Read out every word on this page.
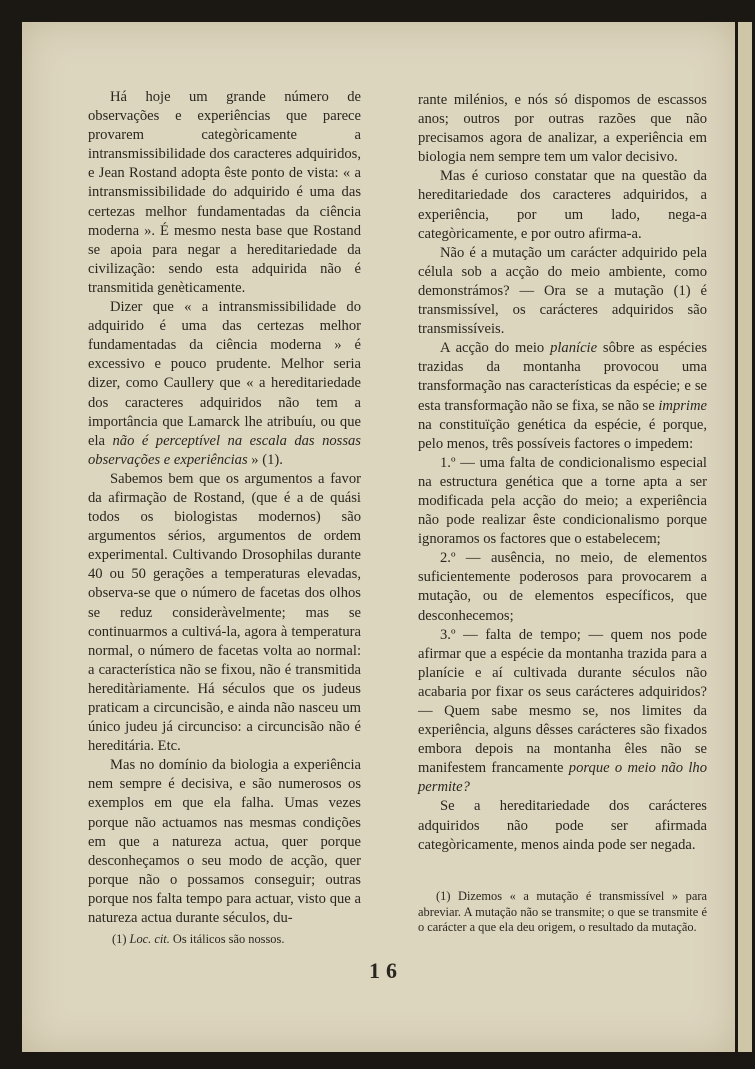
Há hoje um grande número de observações e experiências que parece provarem categòricamente a intransmissibilidade dos caracteres adquiridos, e Jean Rostand adopta êste ponto de vista: « a intransmissibilidade do adquirido é uma das certezas melhor fundamentadas da ciência moderna ». É mesmo nesta base que Rostand se apoia para negar a hereditariedade da civilização: sendo esta adquirida não é transmitida genèticamente.

Dizer que « a intransmissibilidade do adquirido é uma das certezas melhor fundamentadas da ciência moderna » é excessivo e pouco prudente. Melhor seria dizer, como Caullery que « a hereditariedade dos caracteres adquiridos não tem a importância que Lamarck lhe atribuíu, ou que ela não é perceptível na escala das nossas observações e experiências » (1).

Sabemos bem que os argumentos a favor da afirmação de Rostand, (que é a de quási todos os biologistas modernos) são argumentos sérios, argumentos de ordem experimental. Cultivando Drosophilas durante 40 ou 50 gerações a temperaturas elevadas, observa-se que o número de facetas dos olhos se reduz consideràvelmente; mas se continuarmos a cultivá-la, agora à temperatura normal, o número de facetas volta ao normal: a característica não se fixou, não é transmitida hereditàriamente. Há séculos que os judeus praticam a circuncisão, e ainda não nasceu um único judeu já circunciso: a circuncisão não é hereditária. Etc.

Mas no domínio da biologia a experiência nem sempre é decisiva, e são numerosos os exemplos em que ela falha. Umas vezes porque não actuamos nas mesmas condições em que a natureza actua, quer porque desconheçamos o seu modo de acção, quer porque não o possamos conseguir; outras porque nos falta tempo para actuar, visto que a natureza actua durante séculos, du-

rante milénios, e nós só dispomos de escassos anos; outros por outras razões que não precisamos agora de analizar, a experiência em biologia nem sempre tem um valor decisivo.

Mas é curioso constatar que na questão da hereditariedade dos caracteres adquiridos, a experiência, por um lado, nega-a categòricamente, e por outro afirma-a.

Não é a mutação um carácter adquirido pela célula sob a acção do meio ambiente, como demonstrámos? — Ora se a mutação (1) é transmissível, os carácteres adquiridos são transmissíveis.

A acção do meio planície sôbre as espécies trazidas da montanha provocou uma transformação nas características da espécie; e se esta transformação não se fixa, se não se imprime na constituïção genética da espécie, é porque, pelo menos, três possíveis factores o impedem:

1.º — uma falta de condicionalismo especial na estructura genética que a torne apta a ser modificada pela acção do meio; a experiência não pode realizar êste condicionalismo porque ignoramos os factores que o estabelecem;

2.º — ausência, no meio, de elementos suficientemente poderosos para provocarem a mutação, ou de elementos específicos, que desconhecemos;

3.º — falta de tempo; — quem nos pode afirmar que a espécie da montanha trazida para a planície e aí cultivada durante séculos não acabaria por fixar os seus carácteres adquiridos? — Quem sabe mesmo se, nos limites da experiência, alguns dêsses carácteres são fixados embora depois na montanha êles não se manifestem francamente porque o meio não lho permite?

Se a hereditariedade dos carácteres adquiridos não pode ser afirmada categòricamente, menos ainda pode ser negada.

(1) Dizemos « a mutação é transmissível » para abreviar. A mutação não se transmite; o que se transmite é o carácter a que ela deu origem, o resultado da mutação.

(1) Loc. cit. Os itálicos são nossos.
16
